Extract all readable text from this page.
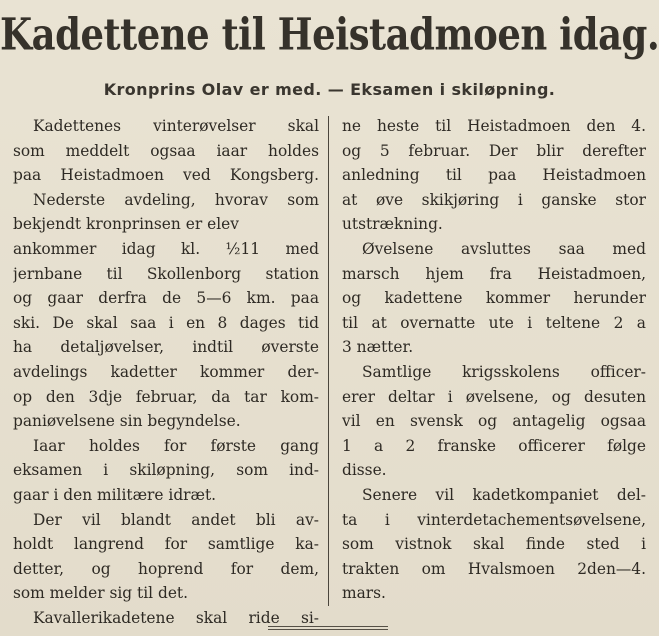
Kadettene til Heistadmoen idag.
Kronprins Olav er med. — Eksamen i skiløpning.
Kadettenes vinterøvelser skal
som meddelt ogsaa iaar holdes
paa Heistadmoen ved Kongsberg.
Nederste avdeling, hvorav som
bekjendt kronprinsen er elev
ankommer idag kl. ½11 med
jernbane til Skollenborg station
og gaar derfra de 5—6 km. paa
ski. De skal saa i en 8 dages tid
ha detaljøvelser, indtil øverste
avdelings kadetter kommer der-
op den 3dje februar, da tar kom-
paniøvelsene sin begyndelse.
Iaar holdes for første gang
eksamen i skiløpning, som ind-
gaar i den militære idræt.
Der vil blandt andet bli av-
holdt langrend for samtlige ka-
detter, og hoprend for dem,
som melder sig til det.
Kavallerikadetene skal ride si-
ne heste til Heistadmoen den 4.
og 5 februar. Der blir derefter
anledning til paa Heistadmoen
at øve skikjøring i ganske stor
utstrækning.
Øvelsene avsluttes saa med
marsch hjem fra Heistadmoen,
og kadettene kommer herunder
til at overnatte ute i teltene 2 a
3 nætter.
Samtlige krigsskolens officer-
erer deltar i øvelsene, og desuten
vil en svensk og antagelig ogsaa
1 a 2 franske officerer følge
disse.
Senere vil kadetkompaniet del-
ta i vinterdetachementsøvelsene,
som vistnok skal finde sted i
trakten om Hvalsmoen 2den—4.
mars.
